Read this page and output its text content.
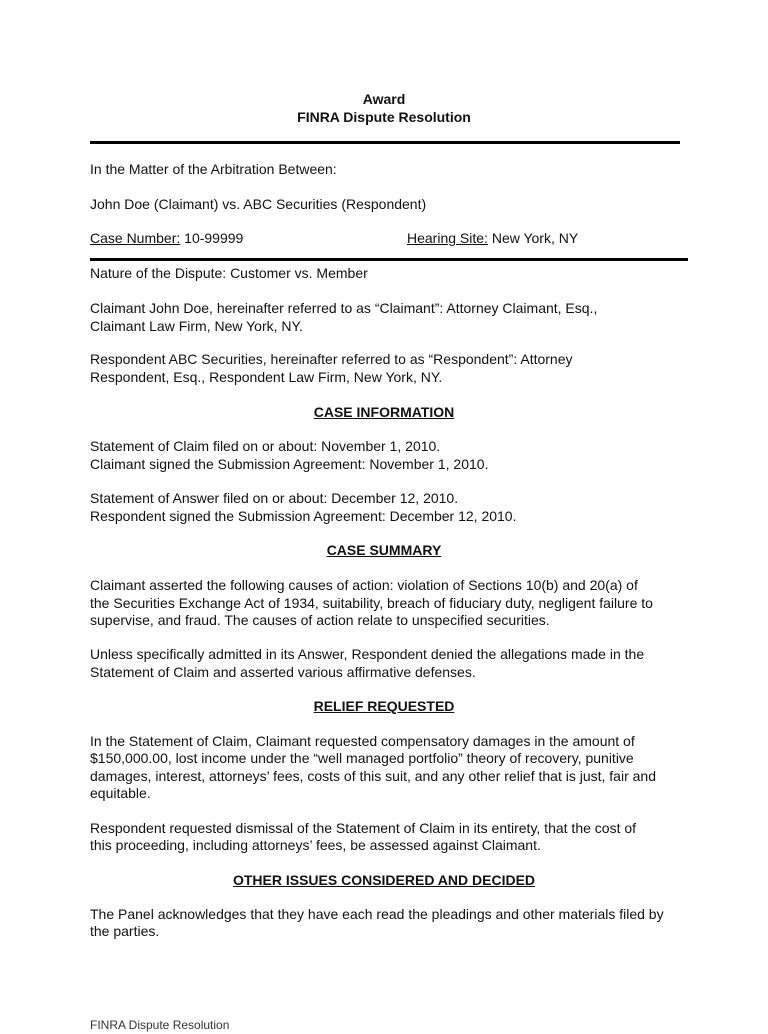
Award
FINRA Dispute Resolution
In the Matter of the Arbitration Between:
John Doe (Claimant) vs. ABC Securities (Respondent)
Case Number: 10-99999	Hearing Site: New York, NY
Nature of the Dispute: Customer vs. Member
Claimant John Doe, hereinafter referred to as “Claimant”: Attorney Claimant, Esq.,
Claimant Law Firm, New York, NY.
Respondent ABC Securities, hereinafter referred to as “Respondent”: Attorney
Respondent, Esq., Respondent Law Firm, New York, NY.
CASE INFORMATION
Statement of Claim filed on or about: November 1, 2010.
Claimant signed the Submission Agreement: November 1, 2010.
Statement of Answer filed on or about: December 12, 2010.
Respondent signed the Submission Agreement: December 12, 2010.
CASE SUMMARY
Claimant asserted the following causes of action: violation of Sections 10(b) and 20(a) of
the Securities Exchange Act of 1934, suitability, breach of fiduciary duty, negligent failure to
supervise, and fraud. The causes of action relate to unspecified securities.
Unless specifically admitted in its Answer, Respondent denied the allegations made in the
Statement of Claim and asserted various affirmative defenses.
RELIEF REQUESTED
In the Statement of Claim, Claimant requested compensatory damages in the amount of
$150,000.00, lost income under the “well managed portfolio” theory of recovery, punitive
damages, interest, attorneys’ fees, costs of this suit, and any other relief that is just, fair and
equitable.
Respondent requested dismissal of the Statement of Claim in its entirety, that the cost of
this proceeding, including attorneys’ fees, be assessed against Claimant.
OTHER ISSUES CONSIDERED AND DECIDED
The Panel acknowledges that they have each read the pleadings and other materials filed by
the parties.
FINRA Dispute Resolution
